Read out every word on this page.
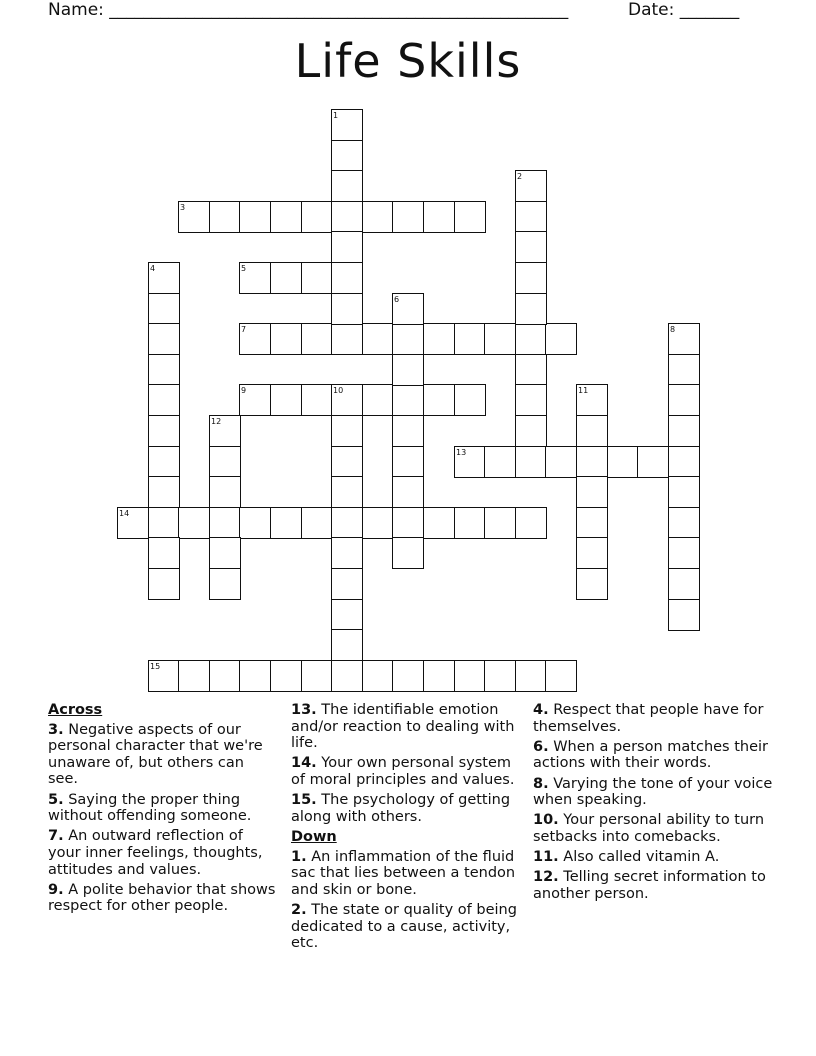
Name: ______________________________________________________	Date: _______
Life Skills
3
5
7
9
13
14
15
1
2
4
6
8
10	11
12
Across
3. Negative aspects of our personal character that we're unaware of, but others can see.
5. Saying the proper thing without offending someone.
7. An outward reflection of your inner feelings, thoughts, attitudes and values.
9. A polite behavior that shows respect for other people.
13. The identifiable emotion and/or reaction to dealing with life.
14. Your own personal system of moral principles and values.
15. The psychology of getting along with others.
Down
1. An inflammation of the fluid sac that lies between a tendon and skin or bone.
2. The state or quality of being dedicated to a cause, activity, etc.
4. Respect that people have for themselves.
6. When a person matches their actions with their words.
8. Varying the tone of your voice when speaking.
10. Your personal ability to turn setbacks into comebacks.
11. Also called vitamin A.
12. Telling secret information to another person.
